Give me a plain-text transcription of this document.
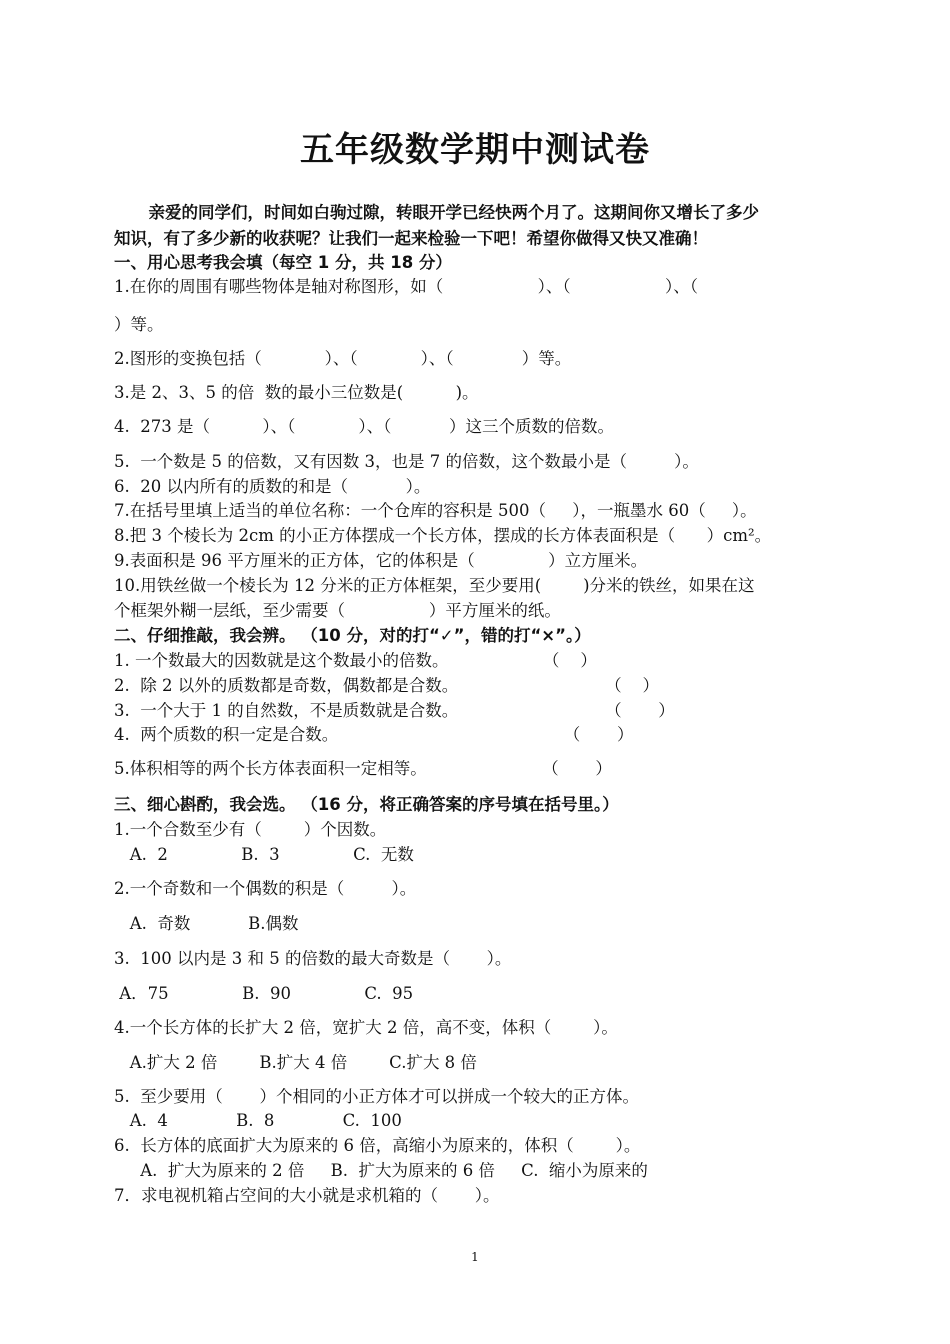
五年级数学期中测试卷
亲爱的同学们，时间如白驹过隙，转眼开学已经快两个月了。这期间你又增长了多少
知识，有了多少新的收获呢？让我们一起来检验一下吧！希望你做得又快又准确！
一、用心思考我会填（每空 1 分，共 18 分）
1.在你的周围有哪些物体是轴对称图形，如（                  ）、（                  ）、（
）等。
2.图形的变换包括（            ）、（            ）、（             ）等。
3.是 2、3、5 的倍  数的最小三位数是(          )。
4.  273 是（          ）、（            ）、（           ）这三个质数的倍数。
5.  一个数是 5 的倍数，又有因数 3，也是 7 的倍数，这个数最小是（         ）。
6.  20 以内所有的质数的和是（           ）。
7.在括号里填上适当的单位名称：一个仓库的容积是 500（     ），一瓶墨水 60（     ）。
8.把 3 个棱长为 2cm 的小正方体摆成一个长方体，摆成的长方体表面积是（      ）cm²。
9.表面积是 96 平方厘米的正方体，它的体积是（              ）立方厘米。
10.用铁丝做一个棱长为 12 分米的正方体框架，至少要用(        )分米的铁丝，如果在这
个框架外糊一层纸，至少需要（                ）平方厘米的纸。
二、仔细推敲，我会辨。 （10 分，对的打“✓”，错的打“×”。）
1. 一个数最大的因数就是这个数最小的倍数。                  （    ）
2.  除 2 以外的质数都是奇数，偶数都是合数。                            （    ）
3.  一个大于 1 的自然数，不是质数就是合数。                            （       ）
4.  两个质数的积一定是合数。                                           （       ）
5.体积相等的两个长方体表面积一定相等。                      （       ）
三、细心斟酌，我会选。 （16 分，将正确答案的序号填在括号里。）
1.一个合数至少有（        ）个因数。
A.  2              B.  3              C.  无数
2.一个奇数和一个偶数的积是（         ）。
A.  奇数           B.偶数
3.  100 以内是 3 和 5 的倍数的最大奇数是（       ）。
A．75              B.  90              C.  95
4.一个长方体的长扩大 2 倍，宽扩大 2 倍，高不变，体积（        ）。
A.扩大 2 倍        B.扩大 4 倍        C.扩大 8 倍
5.  至少要用（       ）个相同的小正方体才可以拼成一个较大的正方体。
A.  4             B.  8             C.  100
6.  长方体的底面扩大为原来的 6 倍，高缩小为原来的，体积（        ）。
A.  扩大为原来的 2 倍     B.  扩大为原来的 6 倍     C.  缩小为原来的
7．求电视机箱占空间的大小就是求机箱的（       ）。
1
